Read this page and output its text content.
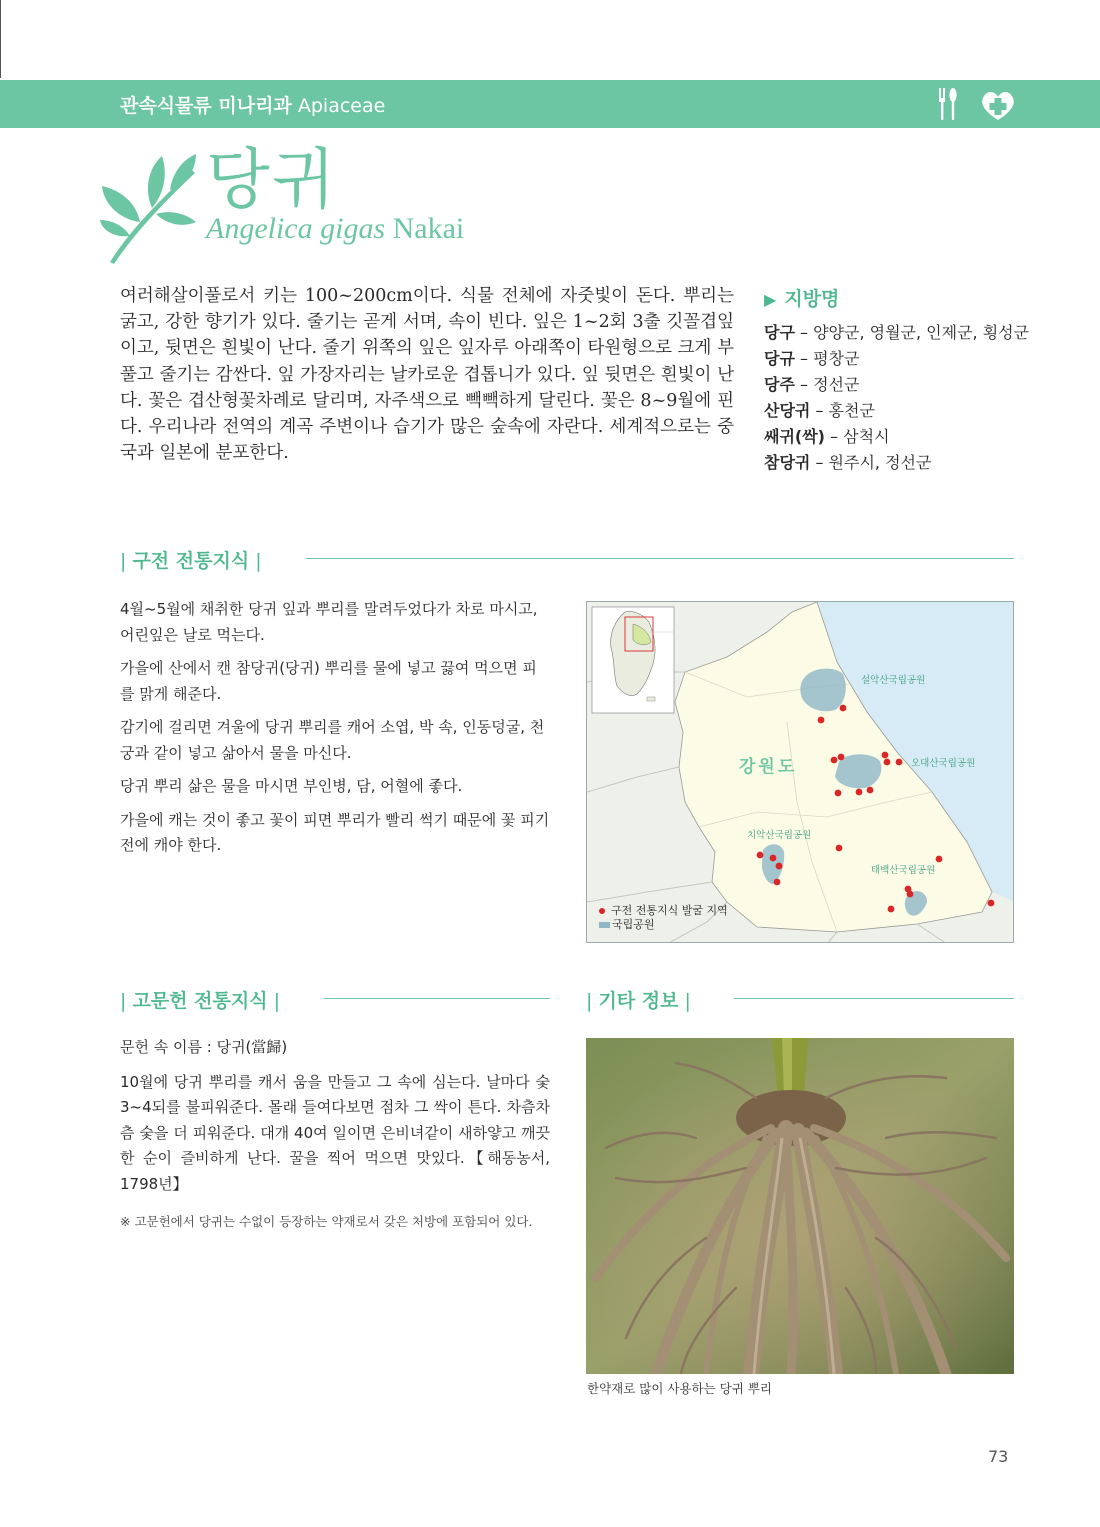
관속식물류 미나리과 Apiaceae
당귀
Angelica gigas Nakai
여러해살이풀로서 키는 100~200cm이다. 식물 전체에 자줏빛이 돈다. 뿌리는 굵고, 강한 향기가 있다. 줄기는 곧게 서며, 속이 빈다. 잎은 1~2회 3출 깃꼴겹잎이고, 뒷면은 흰빛이 난다. 줄기 위쪽의 잎은 잎자루 아래쪽이 타원형으로 크게 부풀고 줄기는 감싼다. 잎 가장자리는 날카로운 겹톱니가 있다. 잎 뒷면은 흰빛이 난다. 꽃은 겹산형꽃차례로 달리며, 자주색으로 빽빽하게 달린다. 꽃은 8~9월에 핀다. 우리나라 전역의 계곡 주변이나 습기가 많은 숲속에 자란다. 세계적으로는 중국과 일본에 분포한다.
▶ 지방명
당구 – 양양군, 영월군, 인제군, 횡성군
당규 – 평창군
당주 – 정선군
산당귀 – 홍천군
쌔귀(싹) – 삼척시
참당귀 – 원주시, 정선군
| 구전 전통지식 |

4월~5월에 채취한 당귀 잎과 뿌리를 말려두었다가 차로 마시고, 어린잎은 날로 먹는다.

가을에 산에서 캔 참당귀(당귀) 뿌리를 물에 넣고 끓여 먹으면 피를 맑게 해준다.

감기에 걸리면 겨울에 당귀 뿌리를 캐어 소엽, 박 속, 인동덩굴, 천궁과 같이 넣고 삶아서 물을 마신다.

당귀 뿌리 삶은 물을 마시면 부인병, 담, 어혈에 좋다.

가을에 캐는 것이 좋고 꽃이 피면 뿌리가 빨리 썩기 때문에 꽃 피기 전에 캐야 한다.

강원도
설악산국립공원
오대산국립공원
치악산국립공원
태백산국립공원
구전 전통지식 발굴 지역
국립공원
| 고문헌 전통지식 |
문헌 속 이름 : 당귀(當歸)
10월에 당귀 뿌리를 캐서 움을 만들고 그 속에 심는다. 날마다 숯 3~4되를 불피워준다. 몰래 들여다보면 점차 그 싹이 튼다. 차츰차츰 숯을 더 피워준다. 대개 40여 일이면 은비녀같이 새하얗고 깨끗한 순이 즐비하게 난다. 꿀을 찍어 먹으면 맛있다.【해동농서, 1798년】
※ 고문헌에서 당귀는 수없이 등장하는 약재로서 갖은 처방에 포함되어 있다.
| 기타 정보 |
한약재로 많이 사용하는 당귀 뿌리
73
